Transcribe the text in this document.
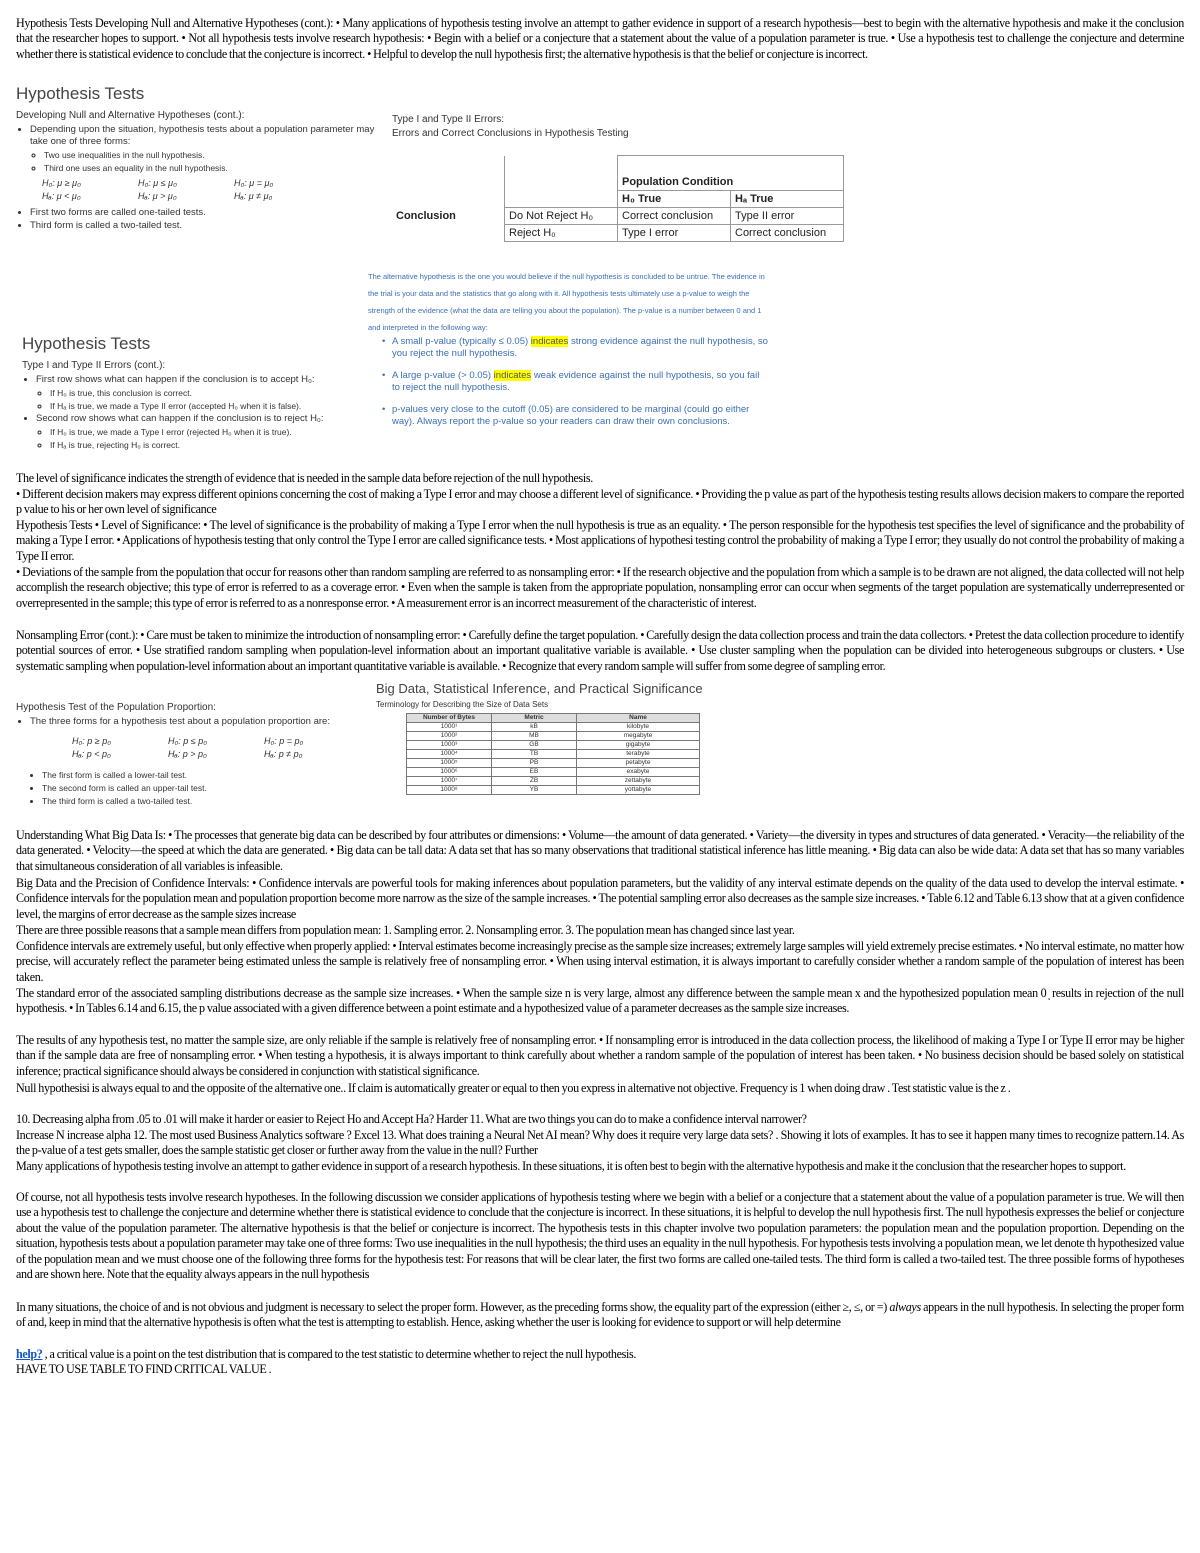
Hypothesis Tests Developing Null and Alternative Hypotheses (cont.): • Many applications of hypothesis testing involve an attempt to gather evidence in support of a research hypothesis—best to begin with the alternative hypothesis and make it the conclusion that the researcher hopes to support. • Not all hypothesis tests involve research hypothesis: • Begin with a belief or a conjecture that a statement about the value of a population parameter is true. • Use a hypothesis test to challenge the conjecture and determine whether there is statistical evidence to conclude that the conjecture is incorrect. • Helpful to develop the null hypothesis first; the alternative hypothesis is that the belief or conjecture is incorrect.

Hypothesis Tests
Developing Null and Alternative Hypotheses (cont.):
• Depending upon the situation, hypothesis tests about a population parameter may take one of three forms:
◦ Two use inequalities in the null hypothesis.
◦ Third one uses an equality in the null hypothesis.
H₀: μ ≥ μ₀	H₀: μ ≤ μ₀	H₀: μ = μ₀
Hₐ: μ < μ₀	Hₐ: μ > μ₀	Hₐ: μ ≠ μ₀
• First two forms are called one-tailed tests.
• Third form is called a two-tailed test.
Type I and Type II Errors:
Errors and Correct Conclusions in Hypothesis Testing
		Population Condition	
		H₀ True	Hₐ True
Conclusion	Do Not Reject H₀	Correct conclusion	Type II error
	Reject H₀	Type I error	Correct conclusion

The alternative hypothesis is the one you would believe if the null hypothesis is concluded to be untrue. The evidence in the trial is your data and the statistics that go along with it. All hypothesis tests ultimately use a p-value to weigh the strength of the evidence (what the data are telling you about the population). The p-value is a number between 0 and 1 and interpreted in the following way:

• A small p-value (typically ≤ 0.05) indicates strong evidence against the null hypothesis, so you reject the null hypothesis.
• A large p-value (> 0.05) indicates weak evidence against the null hypothesis, so you fail to reject the null hypothesis.
• p-values very close to the cutoff (0.05) are considered to be marginal (could go either way). Always report the p-value so your readers can draw their own conclusions.
Hypothesis Tests
Type I and Type II Errors (cont.):
• First row shows what can happen if the conclusion is to accept H₀:
◦ If H₀ is true, this conclusion is correct.
◦ If Hₐ is true, we made a Type II error (accepted H₀ when it is false).
• Second row shows what can happen if the conclusion is to reject H₀:
◦ If H₀ is true, we made a Type I error (rejected H₀ when it is true).
◦ If Hₐ is true, rejecting H₀ is correct.

The level of significance indicates the strength of evidence that is needed in the sample data before rejection of the null hypothesis.

• Different decision makers may express different opinions concerning the cost of making a Type I error and may choose a different level of significance. • Providing the p value as part of the hypothesis testing results allows decision makers to compare the reported p value to his or her own level of significance

Hypothesis Tests • Level of Significance: • The level of significance is the probability of making a Type I error when the null hypothesis is true as an equality. • The person responsible for the hypothesis test specifies the level of significance and the probability of making a Type I error. • Applications of hypothesis testing that only control the Type I error are called significance tests. • Most applications of hypothesi testing control the probability of making a Type I error; they usually do not control the probability of making a Type II error.

• Deviations of the sample from the population that occur for reasons other than random sampling are referred to as nonsampling error: • If the research objective and the population from which a sample is to be drawn are not aligned, the data collected will not help accomplish the research objective; this type of error is referred to as a coverage error. • Even when the sample is taken from the appropriate population, nonsampling error can occur when segments of the target population are systematically underrepresented or overrepresented in the sample; this type of error is referred to as a nonresponse error. • A measurement error is an incorrect measurement of the characteristic of interest.

Nonsampling Error (cont.): • Care must be taken to minimize the introduction of nonsampling error: • Carefully define the target population. • Carefully design the data collection process and train the data collectors. • Pretest the data collection procedure to identify potential sources of error. • Use stratified random sampling when population-level information about an important qualitative variable is available. • Use cluster sampling when the population can be divided into heterogeneous subgroups or clusters. • Use systematic sampling when population-level information about an important quantitative variable is available. • Recognize that every random sample will suffer from some degree of sampling error.

Hypothesis Test of the Population Proportion:
• The three forms for a hypothesis test about a population proportion are:
H₀: p ≥ p₀	H₀: p ≤ p₀	H₀: p = p₀
Hₐ: p < p₀	Hₐ: p > p₀	Hₐ: p ≠ p₀
• The first form is called a lower-tail test.
• The second form is called an upper-tail test.
• The third form is called a two-tailed test.
Big Data, Statistical Inference, and Practical Significance
Terminology for Describing the Size of Data Sets
Number of Bytes	Metric	Name
1000¹	kB	kilobyte
1000²	MB	megabyte
1000³	GB	gigabyte
1000⁴	TB	terabyte
1000⁵	PB	petabyte
1000⁶	EB	exabyte
1000⁷	ZB	zettabyte
1000⁸	YB	yottabyte

Understanding What Big Data Is: • The processes that generate big data can be described by four attributes or dimensions: • Volume—the amount of data generated. • Variety—the diversity in types and structures of data generated. • Veracity—the reliability of the data generated. • Velocity—the speed at which the data are generated. • Big data can be tall data: A data set that has so many observations that traditional statistical inference has little meaning. • Big data can also be wide data: A data set that has so many variables that simultaneous consideration of all variables is infeasible.

Big Data and the Precision of Confidence Intervals: • Confidence intervals are powerful tools for making inferences about population parameters, but the validity of any interval estimate depends on the quality of the data used to develop the interval estimate. • Confidence intervals for the population mean and population proportion become more narrow as the size of the sample increases. • The potential sampling error also decreases as the sample size increases. • Table 6.12 and Table 6.13 show that at a given confidence level, the margins of error decrease as the sample sizes increase

There are three possible reasons that a sample mean differs from population mean: 1. Sampling error. 2. Nonsampling error. 3. The population mean has changed since last year.

Confidence intervals are extremely useful, but only effective when properly applied: • Interval estimates become increasingly precise as the sample size increases; extremely large samples will yield extremely precise estimates. • No interval estimate, no matter how precise, will accurately reflect the parameter being estimated unless the sample is relatively free of nonsampling error. • When using interval estimation, it is always important to carefully consider whether a random sample of the population of interest has been taken.

The standard error of the associated sampling distributions decrease as the sample size increases. • When the sample size n is very large, almost any difference between the sample mean x and the hypothesized population mean 0 ͅ results in rejection of the null hypothesis. • In Tables 6.14 and 6.15, the p value associated with a given difference between a point estimate and a hypothesized value of a parameter decreases as the sample size increases.

The results of any hypothesis test, no matter the sample size, are only reliable if the sample is relatively free of nonsampling error. • If nonsampling error is introduced in the data collection process, the likelihood of making a Type I or Type II error may be higher than if the sample data are free of nonsampling error. • When testing a hypothesis, it is always important to think carefully about whether a random sample of the population of interest has been taken. • No business decision should be based solely on statistical inference; practical significance should always be considered in conjunction with statistical significance.

Null hypothesisi is always equal to and the opposite of the alternative one.. If claim is automatically greater or equal to then you express in alternative not objective. Frequency is 1 when doing draw . Test statistic value is the z .

10. Decreasing alpha from .05 to .01 will make it harder or easier to Reject Ho and Accept Ha? Harder 11. What are two things you can do to make a confidence interval narrower?

Increase N increase alpha 12. The most used Business Analytics software ? Excel 13. What does training a Neural Net AI mean? Why does it require very large data sets? . Showing it lots of examples. It has to see it happen many times to recognize pattern.14. As the p-value of a test gets smaller, does the sample statistic get closer or further away from the value in the null? Further

Many applications of hypothesis testing involve an attempt to gather evidence in support of a research hypothesis. In these situations, it is often best to begin with the alternative hypothesis and make it the conclusion that the researcher hopes to support.

Of course, not all hypothesis tests involve research hypotheses. In the following discussion we consider applications of hypothesis testing where we begin with a belief or a conjecture that a statement about the value of a population parameter is true. We will then use a hypothesis test to challenge the conjecture and determine whether there is statistical evidence to conclude that the conjecture is incorrect. In these situations, it is helpful to develop the null hypothesis first. The null hypothesis expresses the belief or conjecture about the value of the population parameter. The alternative hypothesis is that the belief or conjecture is incorrect. The hypothesis tests in this chapter involve two population parameters: the population mean and the population proportion. Depending on the situation, hypothesis tests about a population parameter may take one of three forms: Two use inequalities in the null hypothesis; the third uses an equality in the null hypothesis. For hypothesis tests involving a population mean, we let denote th hypothesized value of the population mean and we must choose one of the following three forms for the hypothesis test: For reasons that will be clear later, the first two forms are called one-tailed tests. The third form is called a two-tailed test. The three possible forms of hypotheses and are shown here. Note that the equality always appears in the null hypothesis

In many situations, the choice of and is not obvious and judgment is necessary to select the proper form. However, as the preceding forms show, the equality part of the expression (either ≥, ≤, or =) always appears in the null hypothesis. In selecting the proper form of and, keep in mind that the alternative hypothesis is often what the test is attempting to establish. Hence, asking whether the user is looking for evidence to support or will help determine

help? , a critical value is a point on the test distribution that is compared to the test statistic to determine whether to reject the null hypothesis.

HAVE TO USE TABLE TO FIND CRITICAL VALUE .
